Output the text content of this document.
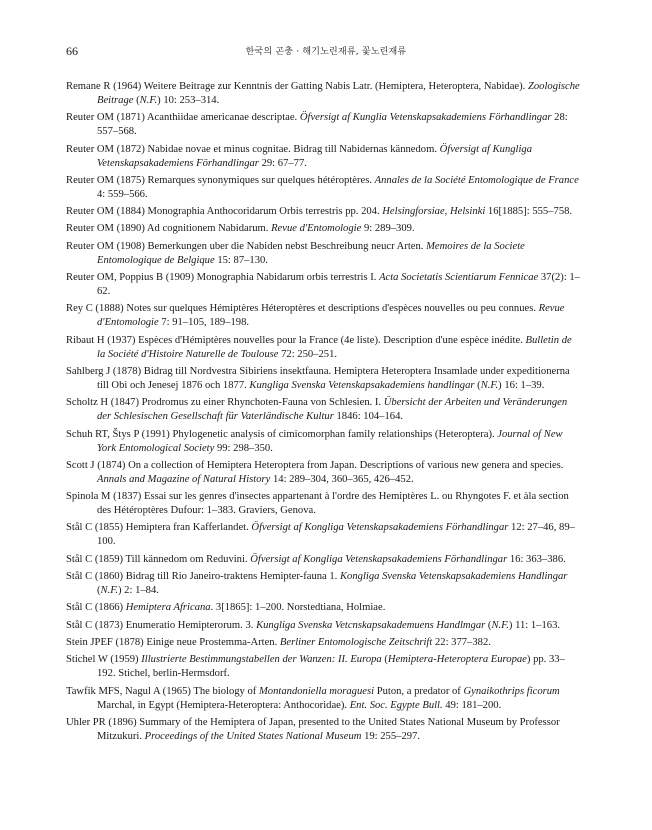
66	한국의 곤충 · 해기노린재류, 꽃노린재류

Remane R (1964) Weitere Beitrage zur Kenntnis der Gatting Nabis Latr. (Hemiptera, Heteroptera, Nabidae). Zoologische Beitrage (N.F.) 10: 253–314.

Reuter OM (1871) Acanthiidae americanae descriptae. Öfversigt af Kunglia Vetenskapsakademiens Förhandlingar 28: 557–568.

Reuter OM (1872) Nabidae novae et minus cognitae. Bidrag till Nabidernas kännedom. Öfversigt af Kungliga Vetenskapsakademiens Förhandlingar 29: 67–77.

Reuter OM (1875) Remarques synonymiques sur quelques hétéroptères. Annales de la Société Entomologique de France 4: 559–566.

Reuter OM (1884) Monographia Anthocoridarum Orbis terrestris pp. 204. Helsingforsiae, Helsinki 16[1885]: 555–758.

Reuter OM (1890) Ad cognitionem Nabidarum. Revue d'Entomologie 9: 289–309.

Reuter OM (1908) Bemerkungen uber die Nabiden nebst Beschreibung neucr Arten. Memoires de la Societe Entomologique de Belgique 15: 87–130.

Reuter OM, Poppius B (1909) Monographia Nabidarum orbis terrestris I. Acta Societatis Scientiarum Fennicae 37(2): 1–62.

Rey C (1888) Notes sur quelques Hémiptères Héteroptères et descriptions d'espèces nouvelles ou peu connues. Revue d'Entomologie 7: 91–105, 189–198.

Ribaut H (1937) Espèces d'Hémiptères nouvelles pour la France (4e liste). Description d'une espèce inédite. Bulletin de la Société d'Histoire Naturelle de Toulouse 72: 250–251.

Sahlberg J (1878) Bidrag till Nordvestra Sibiriens insektfauna. Hemiptera Heteroptera Insamlade under expeditionerna till Obi och Jenesej 1876 och 1877. Kungliga Svenska Vetenskapsakademiens handlingar (N.F.) 16: 1–39.

Scholtz H (1847) Prodromus zu einer Rhynchoten-Fauna von Schlesien. I. Übersicht der Arbeiten und Veränderungen der Schlesischen Gesellschaft für Vaterländische Kultur 1846: 104–164.

Schuh RT, Štys P (1991) Phylogenetic analysis of cimicomorphan family relationships (Heteroptera). Journal of New York Entomological Society 99: 298–350.

Scott J (1874) On a collection of Hemiptera Heteroptera from Japan. Descriptions of various new genera and species. Annals and Magazine of Natural History 14: 289–304, 360–365, 426–452.

Spinola M (1837) Essai sur les genres d'insectes appartenant à l'ordre des Hemiptères L. ou Rhyngotes F. et àla section des Hétéroptères Dufour: 1–383. Graviers, Genova.

Stål C (1855) Hemiptera fran Kafferlandet. Öfversigt af Kongliga Vetenskapsakademiens Förhandlingar 12: 27–46, 89–100.

Stål C (1859) Till kännedom om Reduvini. Öfversigt af Kongliga Vetenskapsakademiens Förhandlingar 16: 363–386.

Stål C (1860) Bidrag till Rio Janeiro-traktens Hemipter-fauna 1. Kongliga Svenska Vetenskapsakademiens Handlingar (N.F.) 2: 1–84.

Stål C (1866) Hemiptera Africana. 3[1865]: 1–200. Norstedtiana, Holmiae.

Stål C (1873) Enumeratio Hemipterorum. 3. Kungliga Svenska Vetcnskapsakademuens Handlmgar (N.F.) 11: 1–163.

Stein JPEF (1878) Einige neue Prostemma-Arten. Berliner Entomologische Zeitschrift 22: 377–382.

Stichel W (1959) Illustrierte Bestimmungstabellen der Wanzen: II. Europa (Hemiptera-Heteroptera Europae) pp. 33–192. Stichel, berlin-Hermsdorf.

Tawfik MFS, Nagul A (1965) The biology of Montandoniella moraguesi Puton, a predator of Gynaikothrips ficorum Marchal, in Egypt (Hemiptera-Heteroptera: Anthocoridae). Ent. Soc. Egypte Bull. 49: 181–200.

Uhler PR (1896) Summary of the Hemiptera of Japan, presented to the United States National Museum by Professor Mitzukuri. Proceedings of the United States National Museum 19: 255–297.
